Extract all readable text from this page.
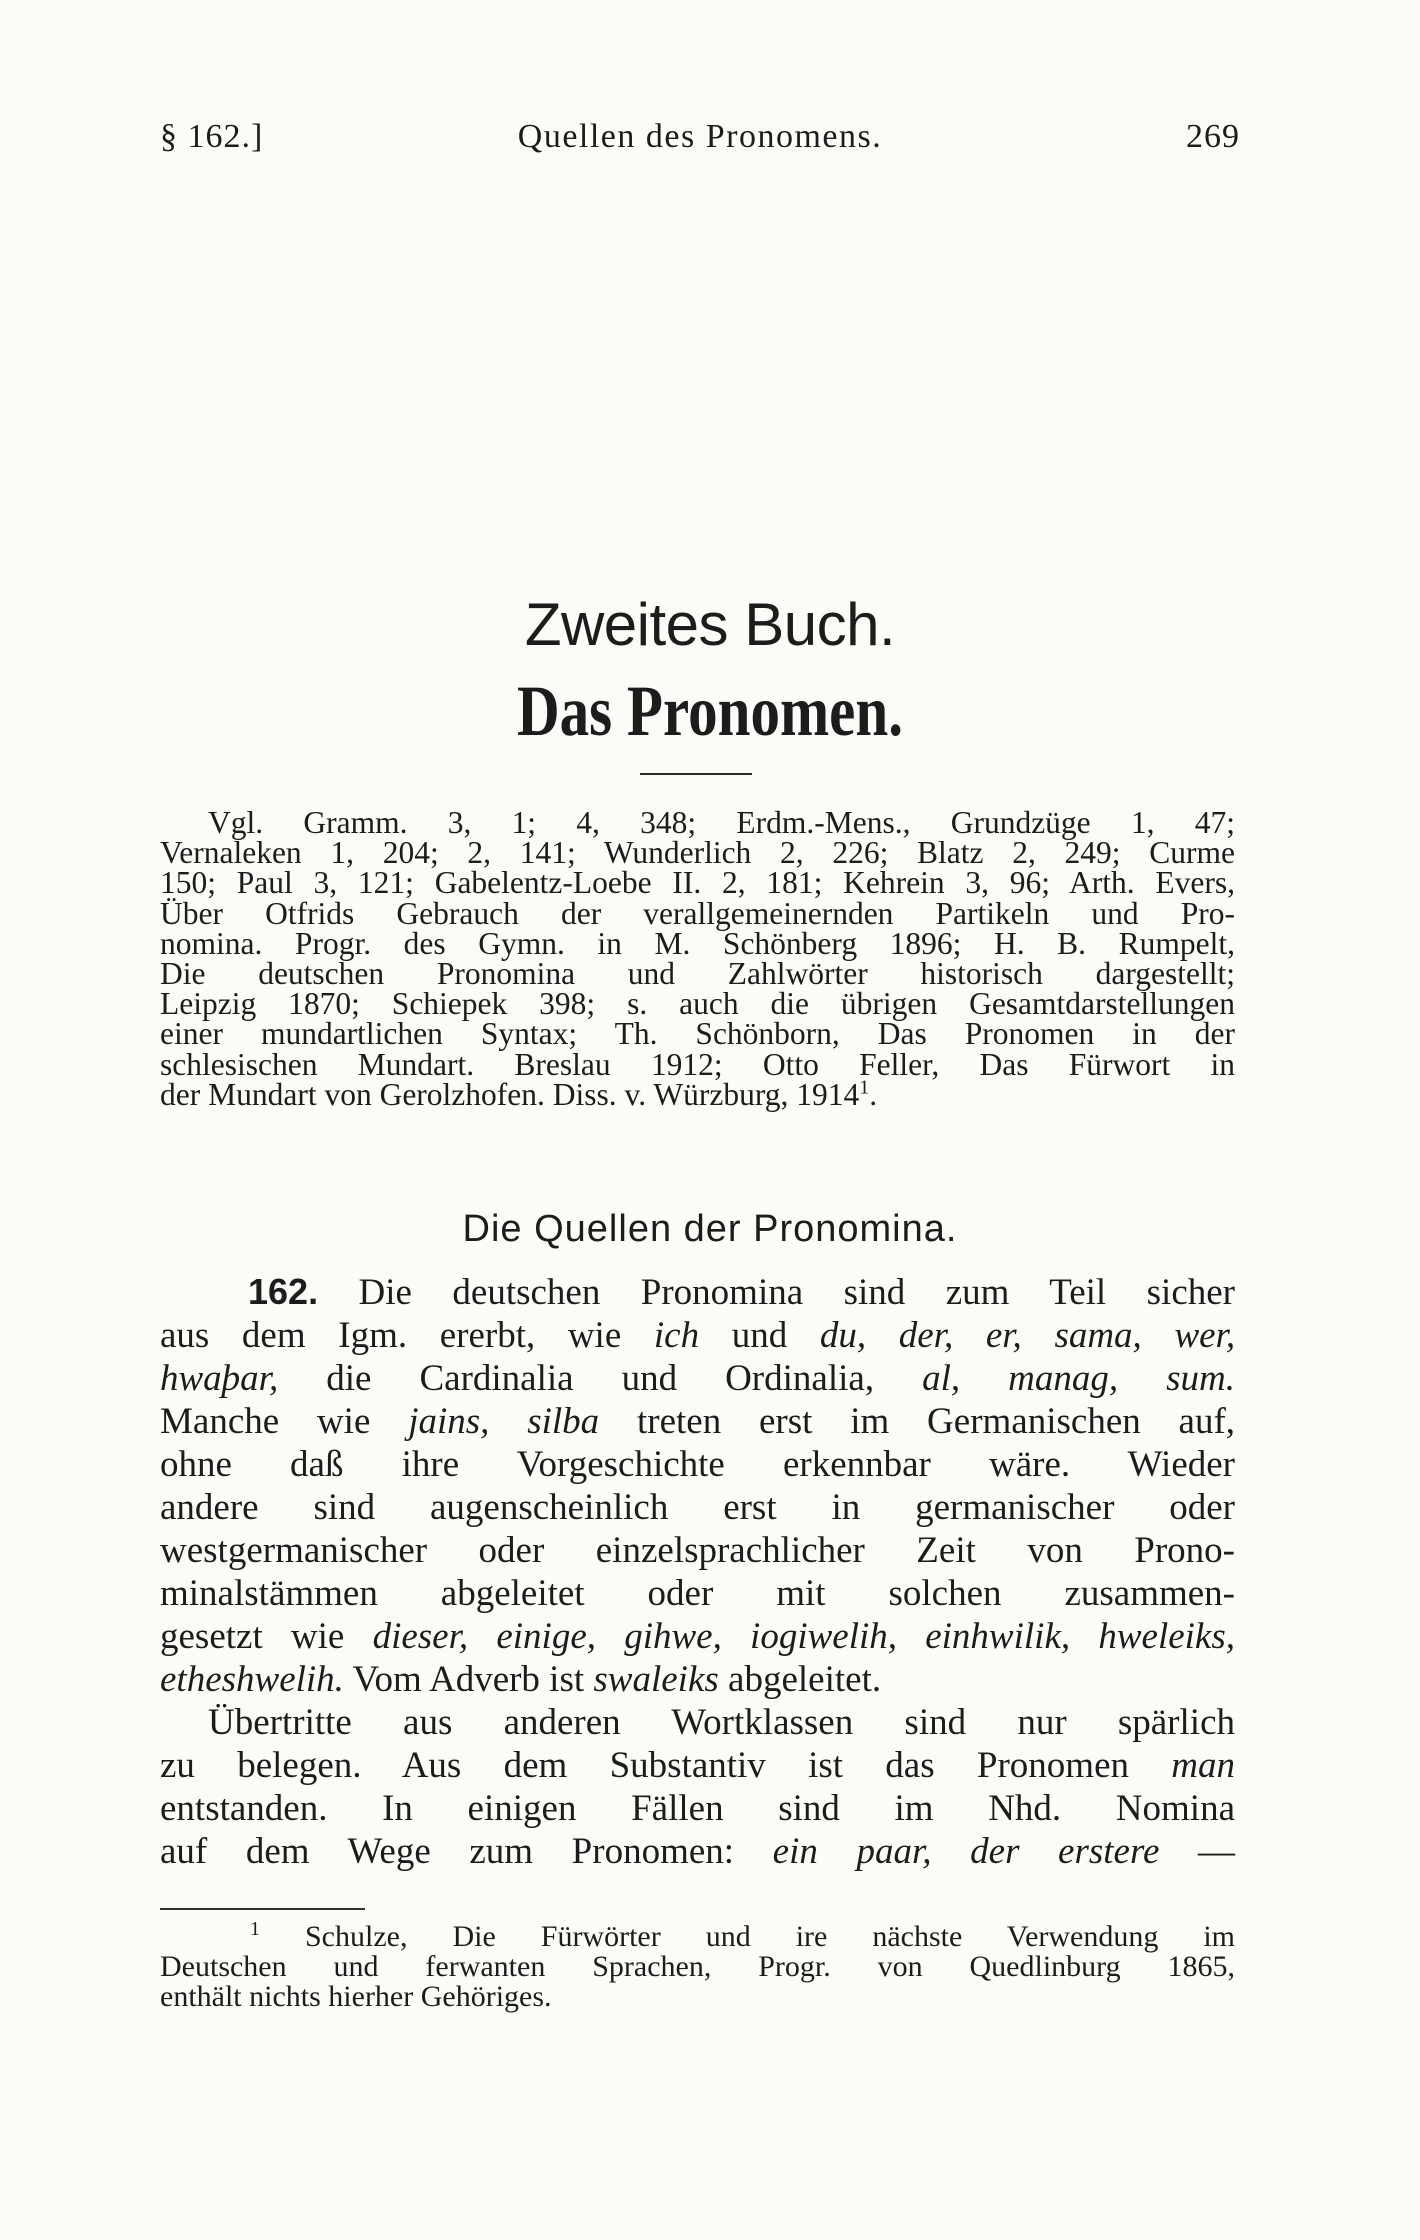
§ 162.]	Quellen des Pronomens.	269
Zweites Buch.
Das Pronomen.
Vgl. Gramm. 3, 1; 4, 348; Erdm.-Mens., Grundzüge 1, 47;
Vernaleken 1, 204; 2, 141; Wunderlich 2, 226; Blatz 2, 249; Curme
150; Paul 3, 121; Gabelentz-Loebe II. 2, 181; Kehrein 3, 96; Arth. Evers,
Über Otfrids Gebrauch der verallgemeinernden Partikeln und Pro-
nomina. Progr. des Gymn. in M. Schönberg 1896; H. B. Rumpelt,
Die deutschen Pronomina und Zahlwörter historisch dargestellt;
Leipzig 1870; Schiepek 398; s. auch die übrigen Gesamtdarstellungen
einer mundartlichen Syntax; Th. Schönborn, Das Pronomen in der
schlesischen Mundart. Breslau 1912; Otto Feller, Das Fürwort in
der Mundart von Gerolzhofen. Diss. v. Würzburg, 1914$^1$.
Die Quellen der Pronomina.
162. Die deutschen Pronomina sind zum Teil sicher
aus dem Igm. ererbt, wie ich und du, der, er, sama, wer,
hwaþar, die Cardinalia und Ordinalia, al, manag, sum.
Manche wie jains, silba treten erst im Germanischen auf,
ohne daß ihre Vorgeschichte erkennbar wäre. Wieder
andere sind augenscheinlich erst in germanischer oder
westgermanischer oder einzelsprachlicher Zeit von Prono-
minalstämmen abgeleitet oder mit solchen zusammen-
gesetzt wie dieser, einige, gihwe, iogiwelih, einhwilik, hweleiks,
etheshwelih. Vom Adverb ist swaleiks abgeleitet.
Übertritte aus anderen Wortklassen sind nur spärlich
zu belegen. Aus dem Substantiv ist das Pronomen man
entstanden. In einigen Fällen sind im Nhd. Nomina
auf dem Wege zum Pronomen: ein paar, der erstere —
$^1$ Schulze, Die Fürwörter und ire nächste Verwendung im
Deutschen und ferwanten Sprachen, Progr. von Quedlinburg 1865,
enthält nichts hierher Gehöriges.
